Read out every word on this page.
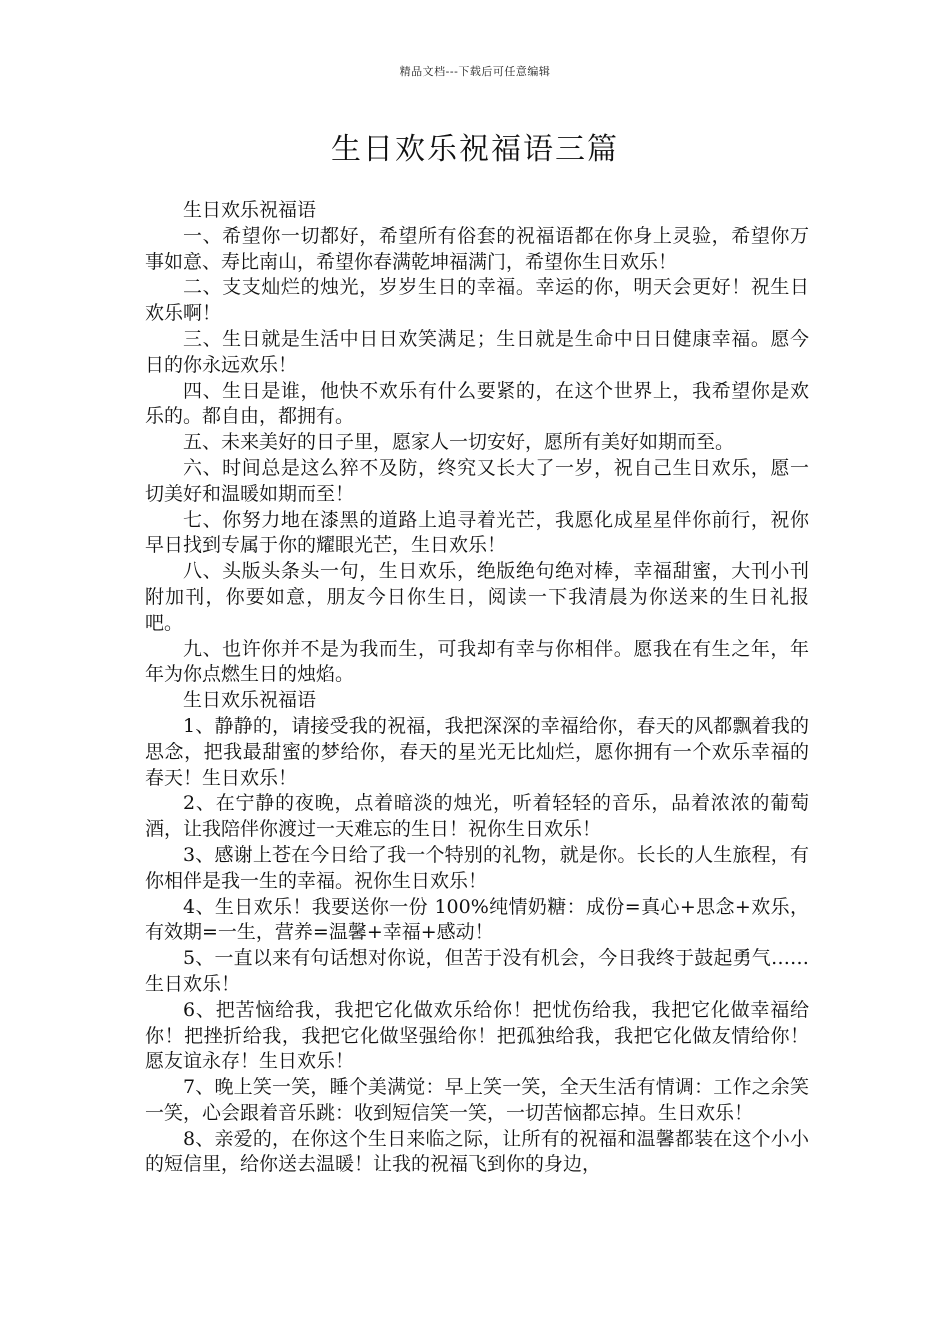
精品文档---下载后可任意编辑
生日欢乐祝福语三篇

生日欢乐祝福语

一、希望你一切都好，希望所有俗套的祝福语都在你身上灵验，希望你万事如意、寿比南山，希望你春满乾坤福满门，希望你生日欢乐！

二、支支灿烂的烛光，岁岁生日的幸福。幸运的你，明天会更好！祝生日欢乐啊！

三、生日就是生活中日日欢笑满足；生日就是生命中日日健康幸福。愿今日的你永远欢乐！

四、生日是谁，他快不欢乐有什么要紧的，在这个世界上，我希望你是欢乐的。都自由，都拥有。

五、未来美好的日子里，愿家人一切安好，愿所有美好如期而至。

六、时间总是这么猝不及防，终究又长大了一岁，祝自己生日欢乐，愿一切美好和温暖如期而至！

七、你努力地在漆黑的道路上追寻着光芒，我愿化成星星伴你前行，祝你早日找到专属于你的耀眼光芒，生日欢乐！

八、头版头条头一句，生日欢乐，绝版绝句绝对棒，幸福甜蜜，大刊小刊附加刊，你要如意，朋友今日你生日，阅读一下我清晨为你送来的生日礼报吧。

九、也许你并不是为我而生，可我却有幸与你相伴。愿我在有生之年，年年为你点燃生日的烛焰。

生日欢乐祝福语

1、静静的，请接受我的祝福，我把深深的幸福给你，春天的风都飘着我的思念，把我最甜蜜的梦给你，春天的星光无比灿烂，愿你拥有一个欢乐幸福的春天！生日欢乐！

2、在宁静的夜晚，点着暗淡的烛光，听着轻轻的音乐，品着浓浓的葡萄酒，让我陪伴你渡过一天难忘的生日！祝你生日欢乐！

3、感谢上苍在今日给了我一个特别的礼物，就是你。长长的人生旅程，有你相伴是我一生的幸福。祝你生日欢乐！

4、生日欢乐！我要送你一份 100%纯情奶糖：成份=真心+思念+欢乐，有效期=一生，营养=温馨+幸福+感动！

5、一直以来有句话想对你说，但苦于没有机会，今日我终于鼓起勇气……生日欢乐！

6、把苦恼给我，我把它化做欢乐给你！把忧伤给我，我把它化做幸福给你！把挫折给我，我把它化做坚强给你！把孤独给我，我把它化做友情给你！愿友谊永存！生日欢乐！

7、晚上笑一笑，睡个美满觉：早上笑一笑，全天生活有情调：工作之余笑一笑，心会跟着音乐跳：收到短信笑一笑，一切苦恼都忘掉。生日欢乐！

8、亲爱的，在你这个生日来临之际，让所有的祝福和温馨都装在这个小小的短信里，给你送去温暖！让我的祝福飞到你的身边，
